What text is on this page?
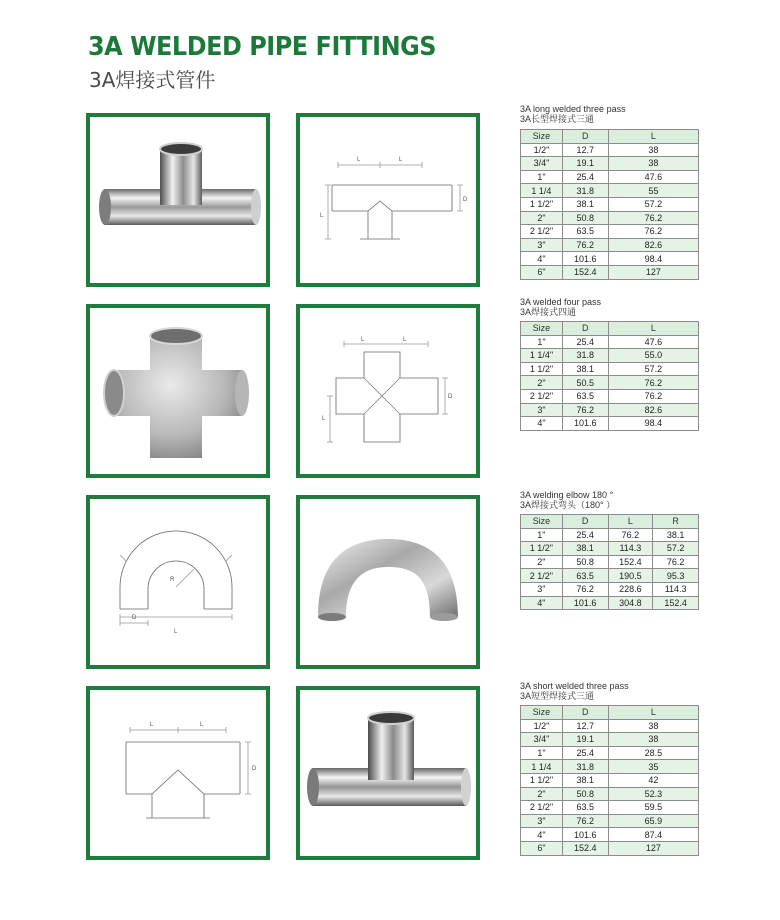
3A WELDED PIPE FITTINGS
3A焊接式管件
L	L
L
D
3A long welded three pass
3A长型焊接式三通
Size	D	L
1/2"	12.7	38
3/4"	19.1	38
1"	25.4	47.6
1 1/4	31.8	55
1 1/2"	38.1	57.2
2"	50.8	76.2
2 1/2"	63.5	76.2
3"	76.2	82.6
4"	101.6	98.4
6"	152.4	127
L	L
L
D
3A welded four pass
3A焊接式四通
Size	D	L
1"	25.4	47.6
1 1/4"	31.8	55.0
1 1/2"	38.1	57.2
2"	50.5	76.2
2 1/2"	63.5	76.2
3"	76.2	82.6
4"	101.6	98.4
R
D
L
3A welding elbow 180 °
3A焊接式弯头（180° ）
Size	D	L	R
1"	25.4	76.2	38.1
1 1/2"	38.1	114.3	57.2
2"	50.8	152.4	76.2
2 1/2"	63.5	190.5	95.3
3"	76.2	228.6	114.3
4"	101.6	304.8	152.4
L	L
D
3A short welded three pass
3A短型焊接式三通
Size	D	L
1/2"	12.7	38
3/4"	19.1	38
1"	25.4	28.5
1 1/4	31.8	35
1 1/2"	38.1	42
2"	50.8	52.3
2 1/2"	63.5	59.5
3"	76.2	65.9
4"	101.6	87.4
6"	152.4	127
